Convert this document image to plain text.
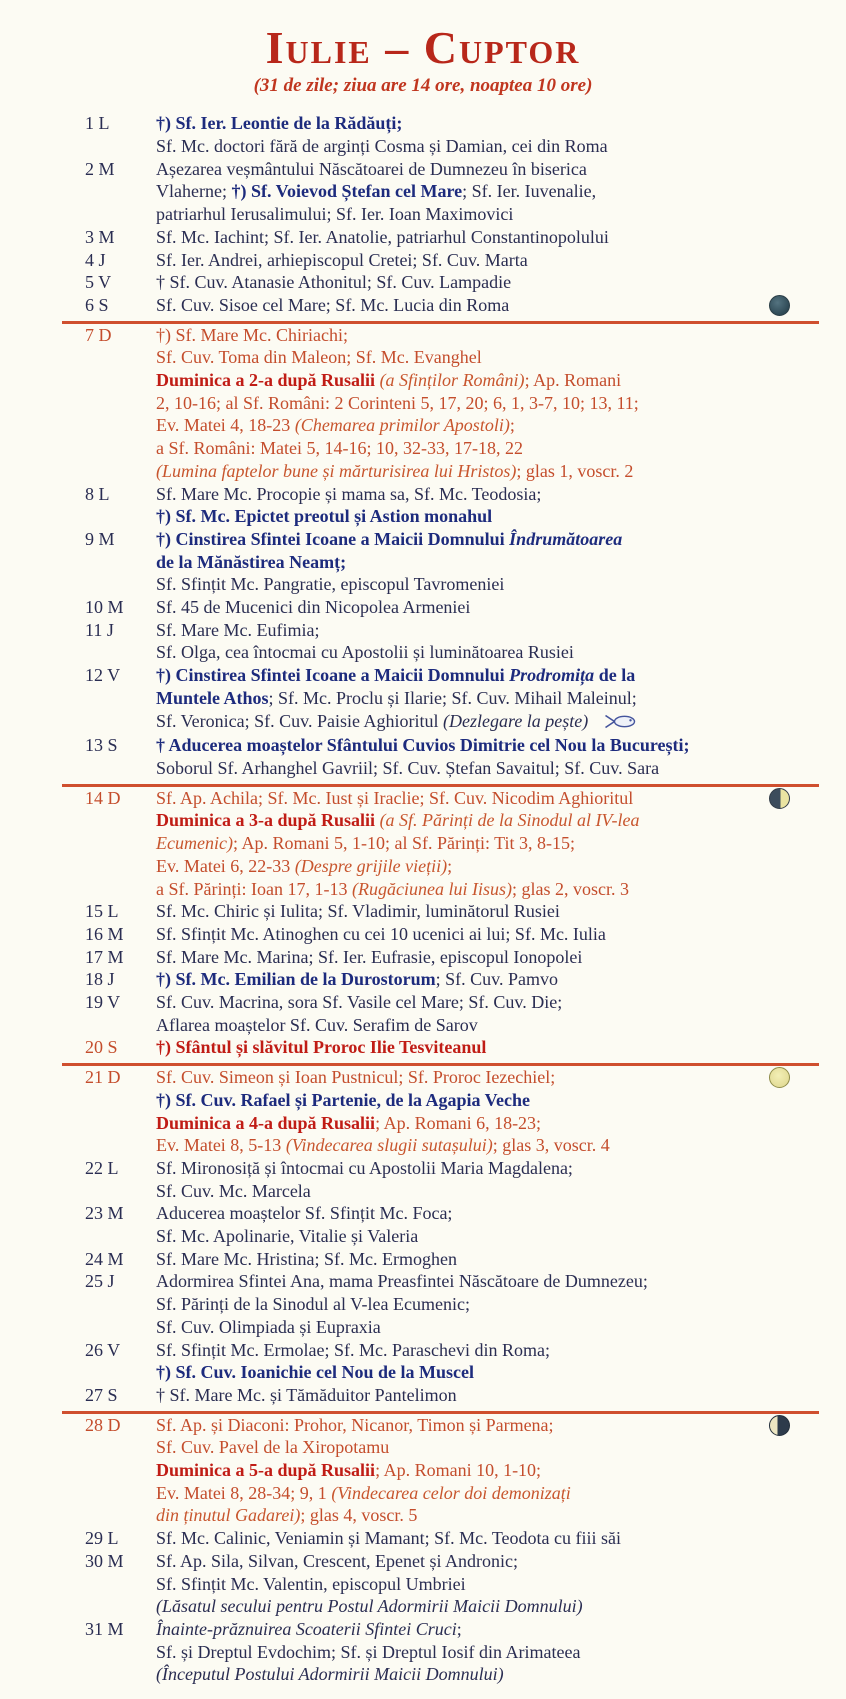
Iulie – Cuptor
(31 de zile; ziua are 14 ore, noaptea 10 ore)
1 L	†) Sf. Ier. Leontie de la Rădăuți;
Sf. Mc. doctori fără de arginți Cosma și Damian, cei din Roma
2 M	Așezarea veșmântului Născătoarei de Dumnezeu în biserica
Vlaherne; †) Sf. Voievod Ștefan cel Mare; Sf. Ier. Iuvenalie,
patriarhul Ierusalimului; Sf. Ier. Ioan Maximovici
3 M	Sf. Mc. Iachint; Sf. Ier. Anatolie, patriarhul Constantinopolului
4 J	Sf. Ier. Andrei, arhiepiscopul Cretei; Sf. Cuv. Marta
5 V	† Sf. Cuv. Atanasie Athonitul; Sf. Cuv. Lampadie
6 S	Sf. Cuv. Sisoe cel Mare; Sf. Mc. Lucia din Roma
7 D	†) Sf. Mare Mc. Chiriachi;
Sf. Cuv. Toma din Maleon; Sf. Mc. Evanghel
Duminica a 2-a după Rusalii (a Sfinților Români); Ap. Romani
2, 10-16; al Sf. Români: 2 Corinteni 5, 17, 20; 6, 1, 3-7, 10; 13, 11;
Ev. Matei 4, 18-23 (Chemarea primilor Apostoli);
a Sf. Români: Matei 5, 14-16; 10, 32-33, 17-18, 22
(Lumina faptelor bune și mărturisirea lui Hristos); glas 1, voscr. 2
8 L	Sf. Mare Mc. Procopie și mama sa, Sf. Mc. Teodosia;
†) Sf. Mc. Epictet preotul și Astion monahul
9 M	†) Cinstirea Sfintei Icoane a Maicii Domnului Îndrumătoarea
de la Mănăstirea Neamț;
Sf. Sfințit Mc. Pangratie, episcopul Tavromeniei
10 M	Sf. 45 de Mucenici din Nicopolea Armeniei
11 J	Sf. Mare Mc. Eufimia;
Sf. Olga, cea întocmai cu Apostolii și luminătoarea Rusiei
12 V	†) Cinstirea Sfintei Icoane a Maicii Domnului Prodromița de la
Muntele Athos; Sf. Mc. Proclu și Ilarie; Sf. Cuv. Mihail Maleinul;
Sf. Veronica; Sf. Cuv. Paisie Aghioritul (Dezlegare la pește)
13 S	† Aducerea moaștelor Sfântului Cuvios Dimitrie cel Nou la București;
Soborul Sf. Arhanghel Gavriil; Sf. Cuv. Ștefan Savaitul; Sf. Cuv. Sara
14 D	Sf. Ap. Achila; Sf. Mc. Iust și Iraclie; Sf. Cuv. Nicodim Aghioritul
Duminica a 3-a după Rusalii (a Sf. Părinți de la Sinodul al IV-lea
Ecumenic); Ap. Romani 5, 1-10; al Sf. Părinți: Tit 3, 8-15;
Ev. Matei 6, 22-33 (Despre grijile vieții);
a Sf. Părinți: Ioan 17, 1-13 (Rugăciunea lui Iisus); glas 2, voscr. 3
15 L	Sf. Mc. Chiric și Iulita; Sf. Vladimir, luminătorul Rusiei
16 M	Sf. Sfințit Mc. Atinoghen cu cei 10 ucenici ai lui; Sf. Mc. Iulia
17 M	Sf. Mare Mc. Marina; Sf. Ier. Eufrasie, episcopul Ionopolei
18 J	†) Sf. Mc. Emilian de la Durostorum; Sf. Cuv. Pamvo
19 V	Sf. Cuv. Macrina, sora Sf. Vasile cel Mare; Sf. Cuv. Die;
Aflarea moaștelor Sf. Cuv. Serafim de Sarov
20 S	†) Sfântul și slăvitul Proroc Ilie Tesviteanul
21 D	Sf. Cuv. Simeon și Ioan Pustnicul; Sf. Proroc Iezechiel;
†) Sf. Cuv. Rafael și Partenie, de la Agapia Veche
Duminica a 4-a după Rusalii; Ap. Romani 6, 18-23;
Ev. Matei 8, 5-13 (Vindecarea slugii sutașului); glas 3, voscr. 4
22 L	Sf. Mironosiță și întocmai cu Apostolii Maria Magdalena;
Sf. Cuv. Mc. Marcela
23 M	Aducerea moaștelor Sf. Sfințit Mc. Foca;
Sf. Mc. Apolinarie, Vitalie și Valeria
24 M	Sf. Mare Mc. Hristina; Sf. Mc. Ermoghen
25 J	Adormirea Sfintei Ana, mama Preasfintei Născătoare de Dumnezeu;
Sf. Părinți de la Sinodul al V-lea Ecumenic;
Sf. Cuv. Olimpiada și Eupraxia
26 V	Sf. Sfințit Mc. Ermolae; Sf. Mc. Paraschevi din Roma;
†) Sf. Cuv. Ioanichie cel Nou de la Muscel
27 S	† Sf. Mare Mc. și Tămăduitor Pantelimon
28 D	Sf. Ap. și Diaconi: Prohor, Nicanor, Timon și Parmena;
Sf. Cuv. Pavel de la Xiropotamu
Duminica a 5-a după Rusalii; Ap. Romani 10, 1-10;
Ev. Matei 8, 28-34; 9, 1 (Vindecarea celor doi demonizați
din ținutul Gadarei); glas 4, voscr. 5
29 L	Sf. Mc. Calinic, Veniamin și Mamant; Sf. Mc. Teodota cu fiii săi
30 M	Sf. Ap. Sila, Silvan, Crescent, Epenet și Andronic;
Sf. Sfințit Mc. Valentin, episcopul Umbriei
(Lăsatul secului pentru Postul Adormirii Maicii Domnului)
31 M	Înainte-prăznuirea Scoaterii Sfintei Cruci;
Sf. și Dreptul Evdochim; Sf. și Dreptul Iosif din Arimateea
(Începutul Postului Adormirii Maicii Domnului)
